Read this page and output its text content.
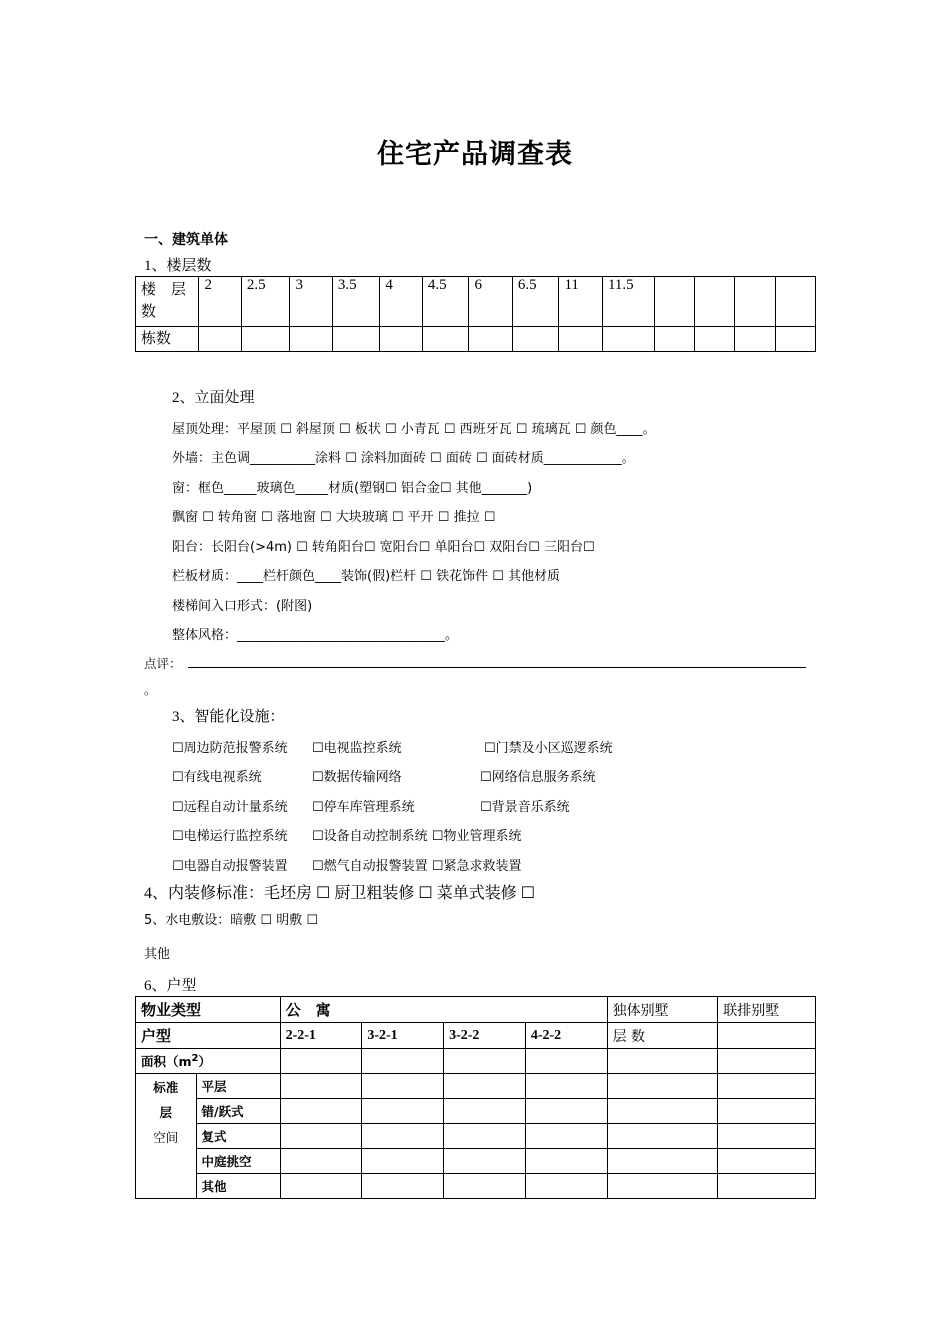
住宅产品调查表
一、建筑单体
1、楼层数
楼　层数	2	2.5	3	3.5	4	4.5	6	6.5	11	11.5				
栋数														
2、立面处理
屋顶处理：平屋顶 ☐ 斜屋顶 ☐ 板状 ☐ 小青瓦 ☐ 西班牙瓦 ☐ 琉璃瓦 ☐ 颜色____。
外墙：主色调__________涂料 ☐ 涂料加面砖 ☐ 面砖 ☐ 面砖材质____________。
窗：框色_____玻璃色_____材质(塑钢☐ 铝合金☐ 其他_______)
飘窗 ☐ 转角窗 ☐ 落地窗 ☐ 大块玻璃 ☐ 平开 ☐ 推拉 ☐
阳台：长阳台(>4m) ☐ 转角阳台☐ 宽阳台☐ 单阳台☐ 双阳台☐ 三阳台☐
栏板材质：____栏杆颜色____装饰(假)栏杆 ☐ 铁花饰件 ☐ 其他材质
楼梯间入口形式：(附图)
整体风格：________________________________。
点评：
。
3、智能化设施：
☐周边防范报警系统 ☐电视监控系统	☐门禁及小区巡逻系统
☐有线电视系统	☐数据传输网络	☐网络信息服务系统
☐远程自动计量系统 ☐停车库管理系统	☐背景音乐系统
☐电梯运行监控系统 ☐设备自动控制系统 ☐物业管理系统
☐电器自动报警装置 ☐燃气自动报警装置 ☐紧急求救装置
4、内装修标准：毛坯房 ☐ 厨卫粗装修 ☐ 菜单式装修 ☐
5、水电敷设：暗敷 ☐ 明敷 ☐
其他
6、户型
物业类型		公　寓				独体别墅	联排别墅
户型		2-2-1	3-2-1	3-2-2	4-2-2	层 数	
面积$(m^2)$							

标准
层
空间	平层						
	错/跃式						
	复式						
	中庭挑空						
	其他						
